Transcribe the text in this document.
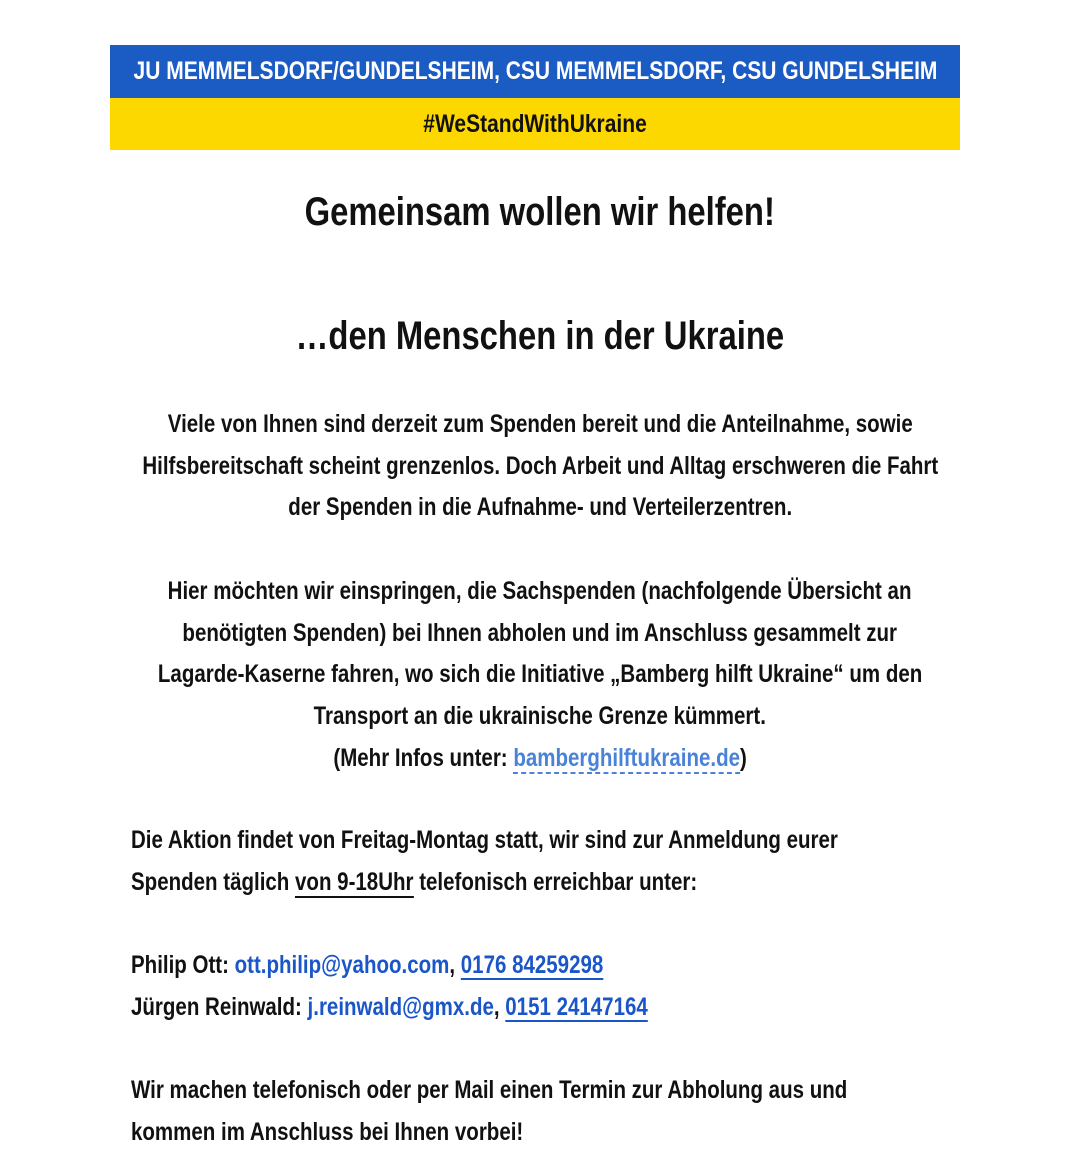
JU MEMMELSDORF/GUNDELSHEIM, CSU MEMMELSDORF, CSU GUNDELSHEIM
#WeStandWithUkraine
Gemeinsam wollen wir helfen!
…den Menschen in der Ukraine
Viele von Ihnen sind derzeit zum Spenden bereit und die Anteilnahme, sowie
Hilfsbereitschaft scheint grenzenlos. Doch Arbeit und Alltag erschweren die Fahrt
der Spenden in die Aufnahme- und Verteilerzentren.
Hier möchten wir einspringen, die Sachspenden (nachfolgende Übersicht an
benötigten Spenden) bei Ihnen abholen und im Anschluss gesammelt zur
Lagarde-Kaserne fahren, wo sich die Initiative „Bamberg hilft Ukraine“ um den
Transport an die ukrainische Grenze kümmert.
(Mehr Infos unter: bamberghilftukraine.de)
Die Aktion findet von Freitag-Montag statt, wir sind zur Anmeldung eurer
Spenden täglich von 9-18Uhr telefonisch erreichbar unter:
Philip Ott: ott.philip@yahoo.com, 0176 84259298
Jürgen Reinwald: j.reinwald@gmx.de, 0151 24147164
Wir machen telefonisch oder per Mail einen Termin zur Abholung aus und
kommen im Anschluss bei Ihnen vorbei!
